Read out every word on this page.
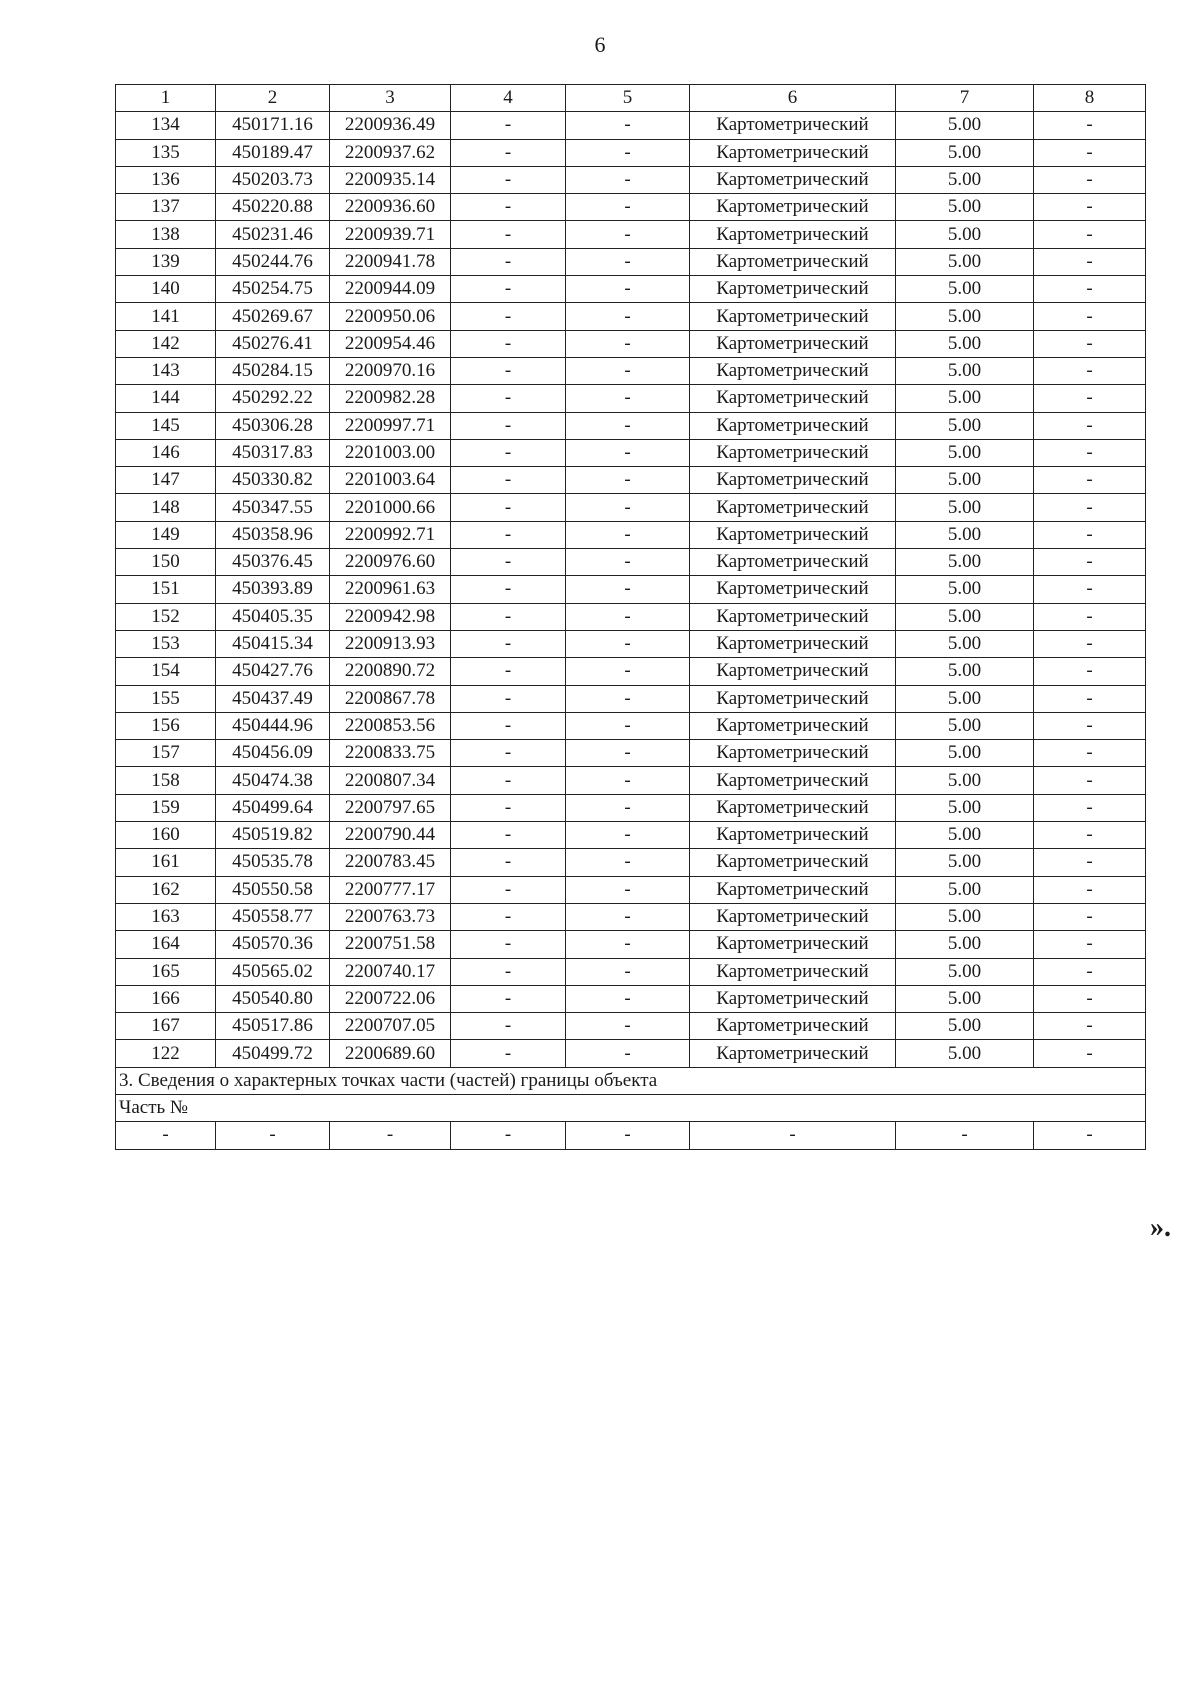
6
1	2	3	4	5	6	7	8
134	450171.16	2200936.49	-	-	Картометрический	5.00	-
135	450189.47	2200937.62	-	-	Картометрический	5.00	-
136	450203.73	2200935.14	-	-	Картометрический	5.00	-
137	450220.88	2200936.60	-	-	Картометрический	5.00	-
138	450231.46	2200939.71	-	-	Картометрический	5.00	-
139	450244.76	2200941.78	-	-	Картометрический	5.00	-
140	450254.75	2200944.09	-	-	Картометрический	5.00	-
141	450269.67	2200950.06	-	-	Картометрический	5.00	-
142	450276.41	2200954.46	-	-	Картометрический	5.00	-
143	450284.15	2200970.16	-	-	Картометрический	5.00	-
144	450292.22	2200982.28	-	-	Картометрический	5.00	-
145	450306.28	2200997.71	-	-	Картометрический	5.00	-
146	450317.83	2201003.00	-	-	Картометрический	5.00	-
147	450330.82	2201003.64	-	-	Картометрический	5.00	-
148	450347.55	2201000.66	-	-	Картометрический	5.00	-
149	450358.96	2200992.71	-	-	Картометрический	5.00	-
150	450376.45	2200976.60	-	-	Картометрический	5.00	-
151	450393.89	2200961.63	-	-	Картометрический	5.00	-
152	450405.35	2200942.98	-	-	Картометрический	5.00	-
153	450415.34	2200913.93	-	-	Картометрический	5.00	-
154	450427.76	2200890.72	-	-	Картометрический	5.00	-
155	450437.49	2200867.78	-	-	Картометрический	5.00	-
156	450444.96	2200853.56	-	-	Картометрический	5.00	-
157	450456.09	2200833.75	-	-	Картометрический	5.00	-
158	450474.38	2200807.34	-	-	Картометрический	5.00	-
159	450499.64	2200797.65	-	-	Картометрический	5.00	-
160	450519.82	2200790.44	-	-	Картометрический	5.00	-
161	450535.78	2200783.45	-	-	Картометрический	5.00	-
162	450550.58	2200777.17	-	-	Картометрический	5.00	-
163	450558.77	2200763.73	-	-	Картометрический	5.00	-
164	450570.36	2200751.58	-	-	Картометрический	5.00	-
165	450565.02	2200740.17	-	-	Картометрический	5.00	-
166	450540.80	2200722.06	-	-	Картометрический	5.00	-
167	450517.86	2200707.05	-	-	Картометрический	5.00	-
122	450499.72	2200689.60	-	-	Картометрический	5.00	-
3. Сведения о характерных точках части (частей) границы объекта							
Часть №							
-	-	-	-	-	-	-	-
».
